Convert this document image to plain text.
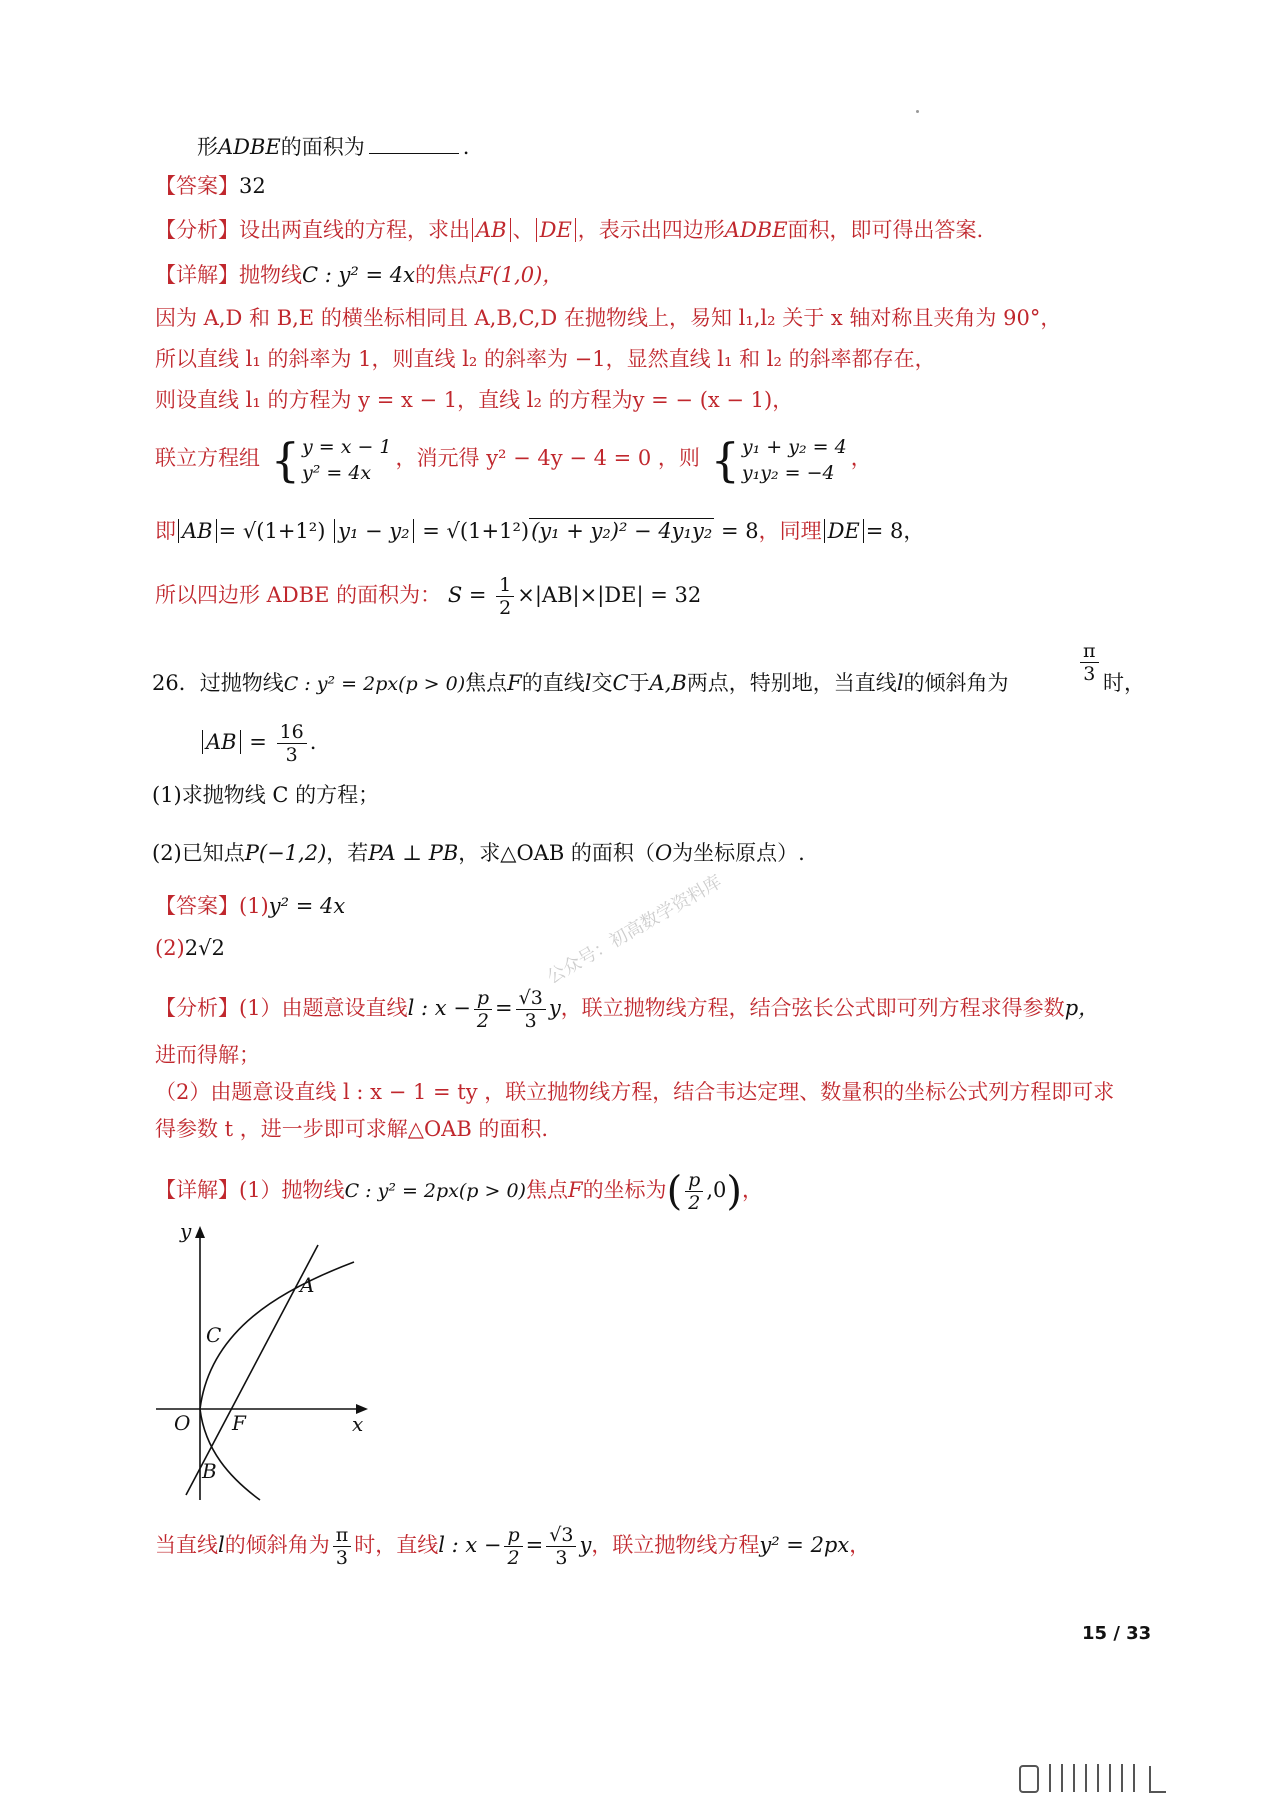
形ADBE的面积为	.
【答案】32
【分析】设出两直线的方程，求出 AB 、 DE ，表示出四边形ADBE面积，即可得出答案.
【详解】抛物线C : y² = 4x的焦点F(1,0)，
因为 A,D 和 B,E 的横坐标相同且 A,B,C,D 在抛物线上，易知 l₁,l₂ 关于 x 轴对称且夹角为 90°，
所以直线 l₁ 的斜率为 1，则直线 l₂ 的斜率为 −1，显然直线 l₁ 和 l₂ 的斜率都存在，
则设直线 l₁ 的方程为 y = x − 1，直线 l₂ 的方程为y = − (x − 1)，
联立方程组 { y = x − 1
y² = 4x
，消元得 y² − 4y − 4 = 0 ，则 { y₁ + y₂ = 4
y₁y₂ = −4
，
即 AB = √(1+1²) y₁ − y₂ = √(1+1²)(y₁ + y₂)² − 4y₁y₂ = 8，同理 DE = 8，
所以四边形 ADBE 的面积为： $S = \frac{1}{2} \times|AB|\times|DE| = 32$
26．过抛物线C : y² = 2px(p > 0)焦点F的直线l交C于A,B两点，特别地，当直线l的倾斜角为	$\frac{\pi}{3}$ 时，
AB = $\frac{16}{3}$ .
(1)求抛物线 C 的方程；
(2)已知点P(−1,2)，若PA ⊥ PB，求△OAB 的面积（O为坐标原点）.
公众号：初高数学资料库
【答案】(1)y² = 4x
(2)2√2
【分析】(1）由题意设直线l : $x - \frac{p}{2} = \frac{√3}{3}$ y，联立抛物线方程，结合弦长公式即可列方程求得参数p，
进而得解；
（2）由题意设直线 l : x − 1 = ty ，联立抛物线方程，结合韦达定理、数量积的坐标公式列方程即可求
得参数 t ，进一步即可求解△OAB 的面积.
【详解】(1）抛物线C : y² = 2px(p > 0)焦点F的坐标为( $\frac{p}{2} ,0$)，
y
x
O F
A
B
C
当直线l的倾斜角为 $\frac{\pi}{3}$ 时，直线l : $x - \frac{p}{2} = \frac{√3}{3}$ y，联立抛物线方程y² = 2px，
15 / 33
